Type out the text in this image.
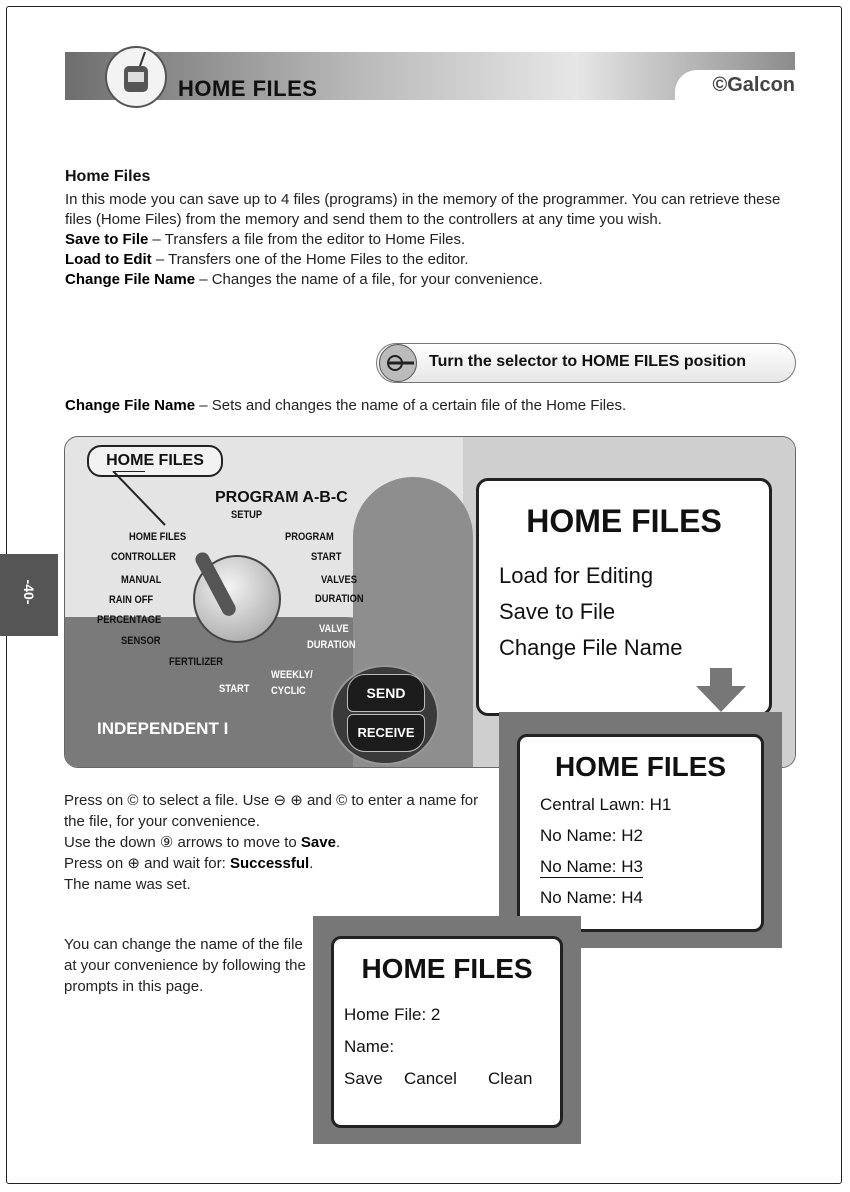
HOME FILES	©Galcon
Home Files

In this mode you can save up to 4 files (programs) in the memory of the programmer. You can retrieve these files (Home Files) from the memory and send them to the controllers at any time you wish.

Save to File – Transfers a file from the editor to Home Files.

Load to Edit – Transfers one of the Home Files to the editor.

Change File Name – Changes the name of a file, for your convenience.

Turn the selector to HOME FILES position
Change File Name – Sets and changes the name of a certain file of the Home Files.
HOME FILES
PROGRAM A-B-C
SETUP
HOME FILES
CONTROLLER
MANUAL
RAIN OFF
PERCENTAGE
SENSOR
FERTILIZER
PROGRAM
START
VALVES
DURATION
VALVE
DURATION
START
WEEKLY/
CYCLIC
INDEPENDENT I
SEND
RECEIVE
HOME FILES
Load for Editing
Save to File
Change File Name
HOME FILES
Central Lawn: H1
No Name: H2
No Name: H3
No Name: H4
HOME FILES
Home File: 2
Name:
Save Cancel Clean

Press on © to select a file. Use ⊖ ⊕ and © to enter a name for the file, for your convenience.

Use the down ⑨ arrows to move to Save.

Press on ⊕ and wait for: Successful.

The name was set.

You can change the name of the file at your convenience by following the prompts in this page.
-40-
